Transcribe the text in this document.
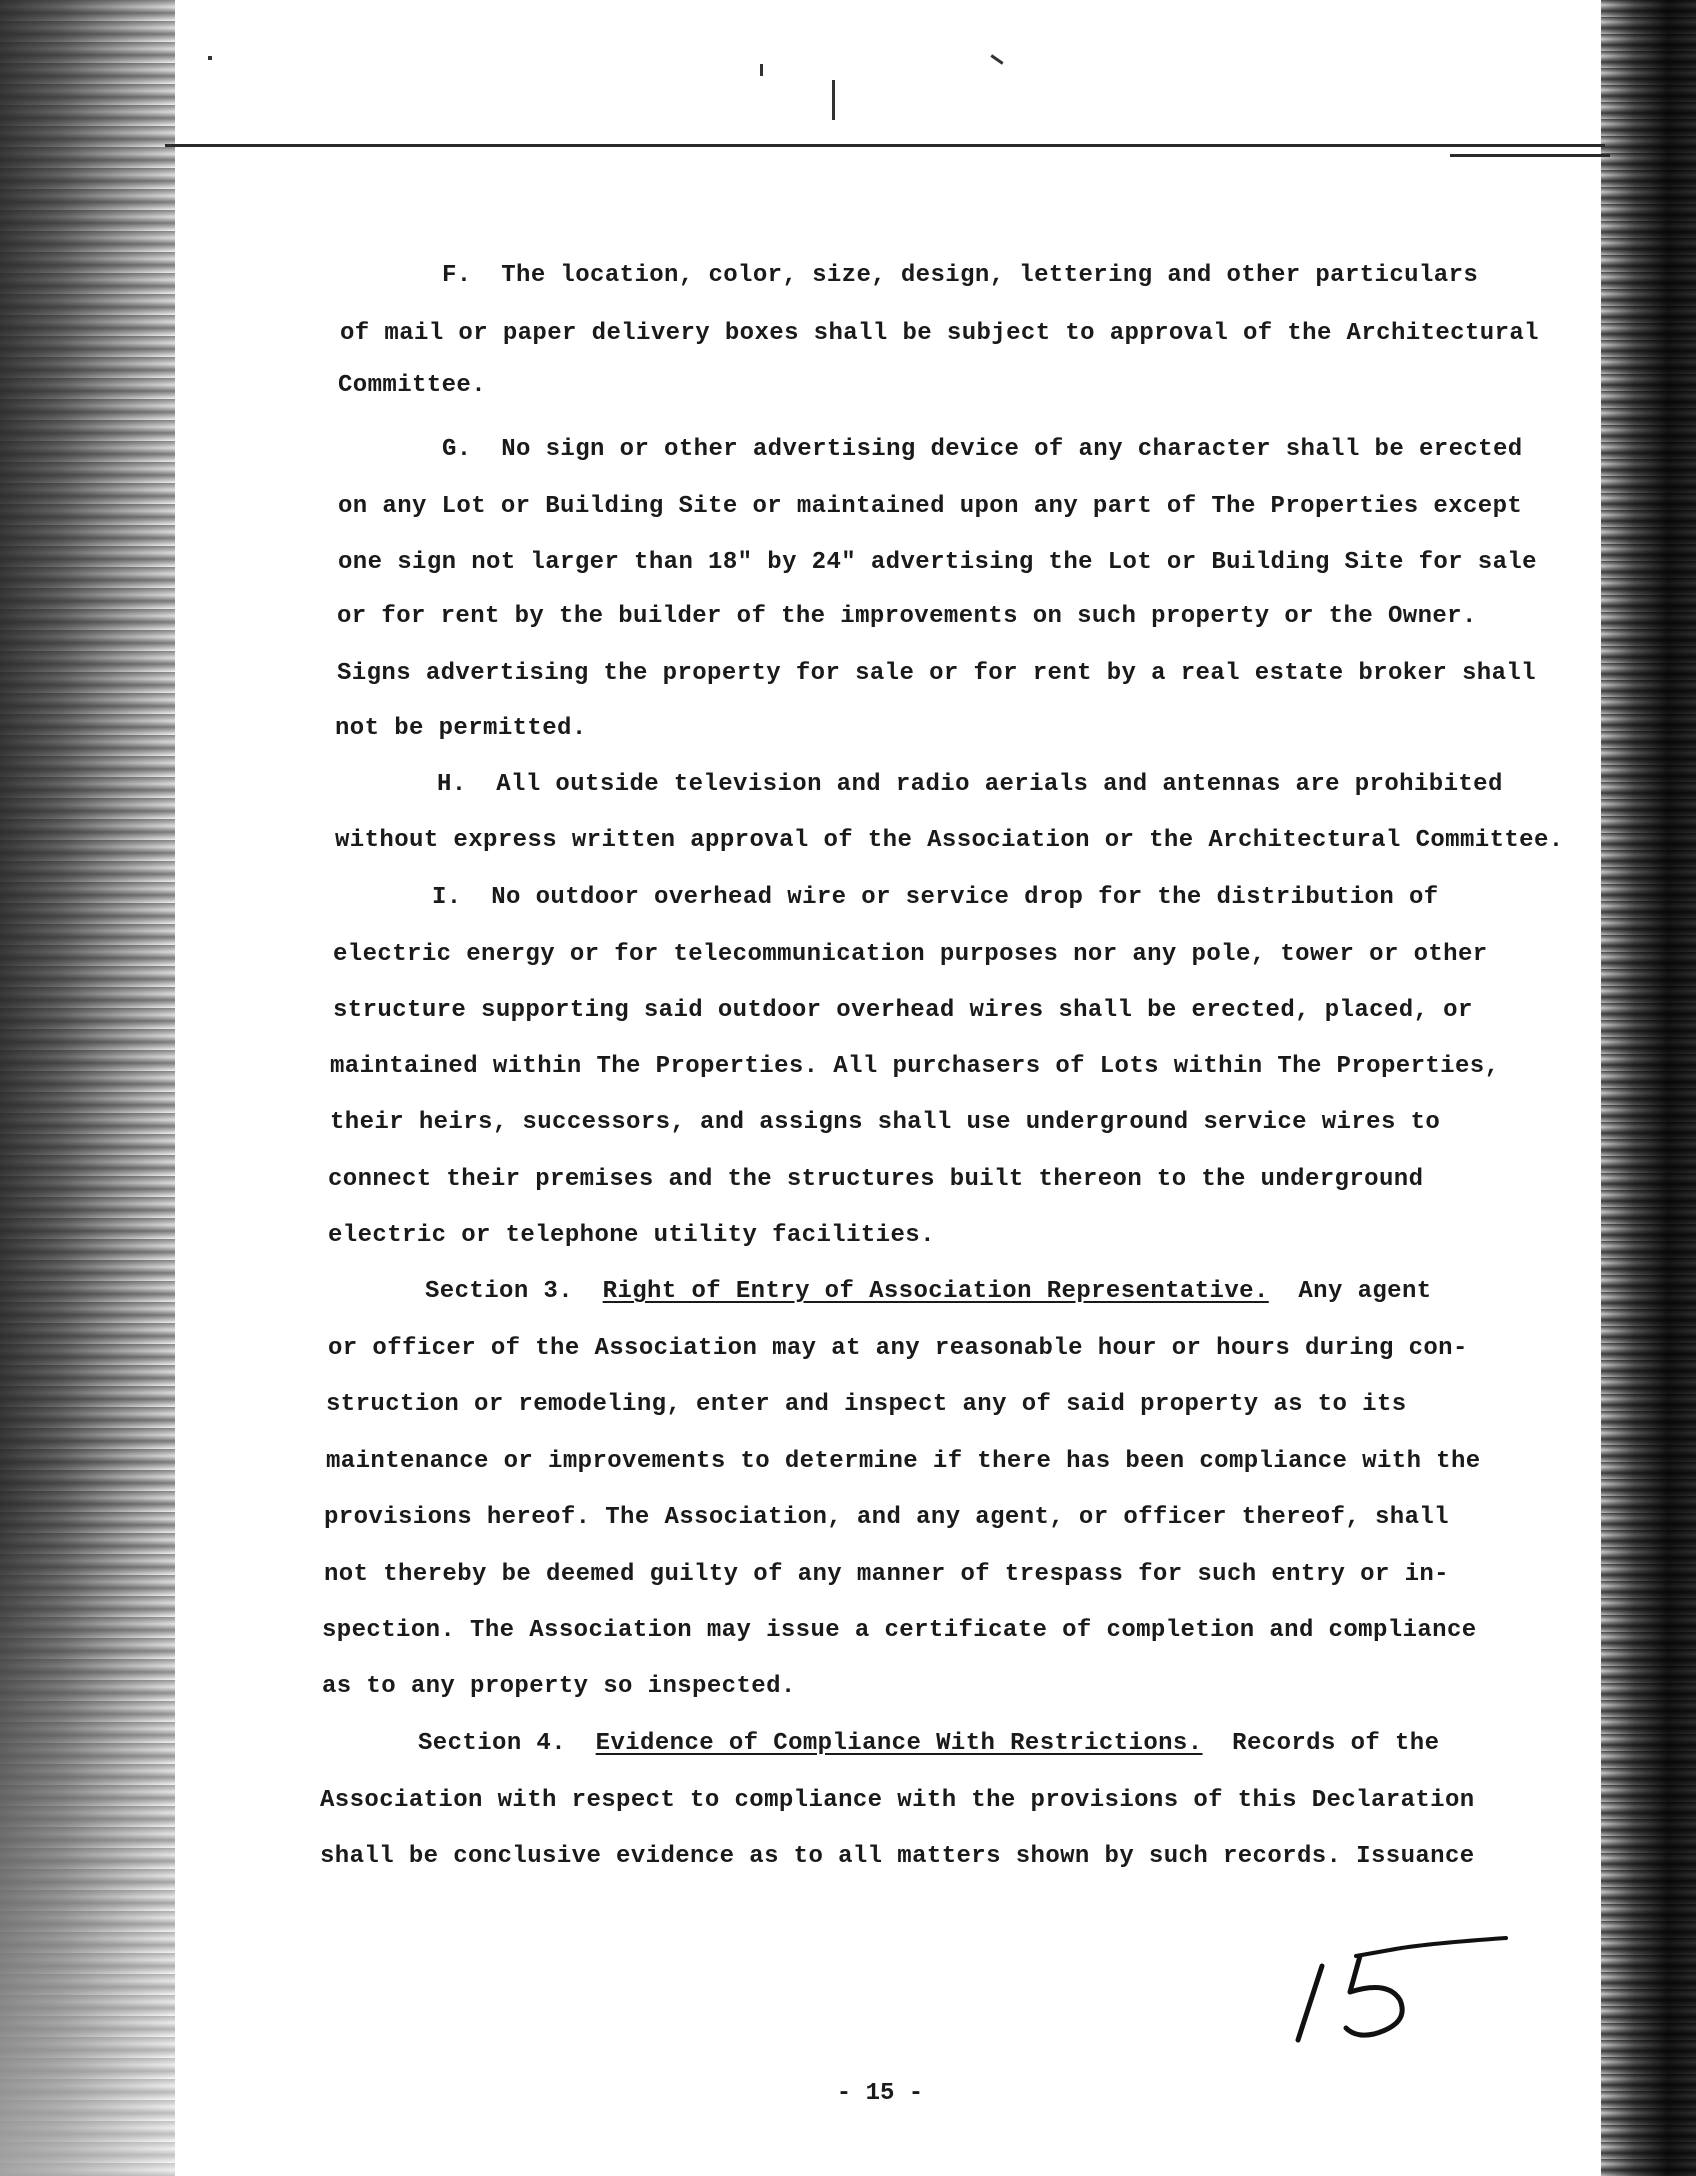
F. The location, color, size, design, lettering and other particulars
of mail or paper delivery boxes shall be subject to approval of the Architectural
Committee.
G. No sign or other advertising device of any character shall be erected
on any Lot or Building Site or maintained upon any part of The Properties except
one sign not larger than 18" by 24" advertising the Lot or Building Site for sale
or for rent by the builder of the improvements on such property or the Owner.
Signs advertising the property for sale or for rent by a real estate broker shall
not be permitted.
H. All outside television and radio aerials and antennas are prohibited
without express written approval of the Association or the Architectural Committee.
I. No outdoor overhead wire or service drop for the distribution of
electric energy or for telecommunication purposes nor any pole, tower or other
structure supporting said outdoor overhead wires shall be erected, placed, or
maintained within The Properties. All purchasers of Lots within The Properties,
their heirs, successors, and assigns shall use underground service wires to
connect their premises and the structures built thereon to the underground
electric or telephone utility facilities.
Section 3. Right of Entry of Association Representative. Any agent
or officer of the Association may at any reasonable hour or hours during con-
struction or remodeling, enter and inspect any of said property as to its
maintenance or improvements to determine if there has been compliance with the
provisions hereof. The Association, and any agent, or officer thereof, shall
not thereby be deemed guilty of any manner of trespass for such entry or in-
spection. The Association may issue a certificate of completion and compliance
as to any property so inspected.
Section 4. Evidence of Compliance With Restrictions. Records of the
Association with respect to compliance with the provisions of this Declaration
shall be conclusive evidence as to all matters shown by such records. Issuance
- 15 -
